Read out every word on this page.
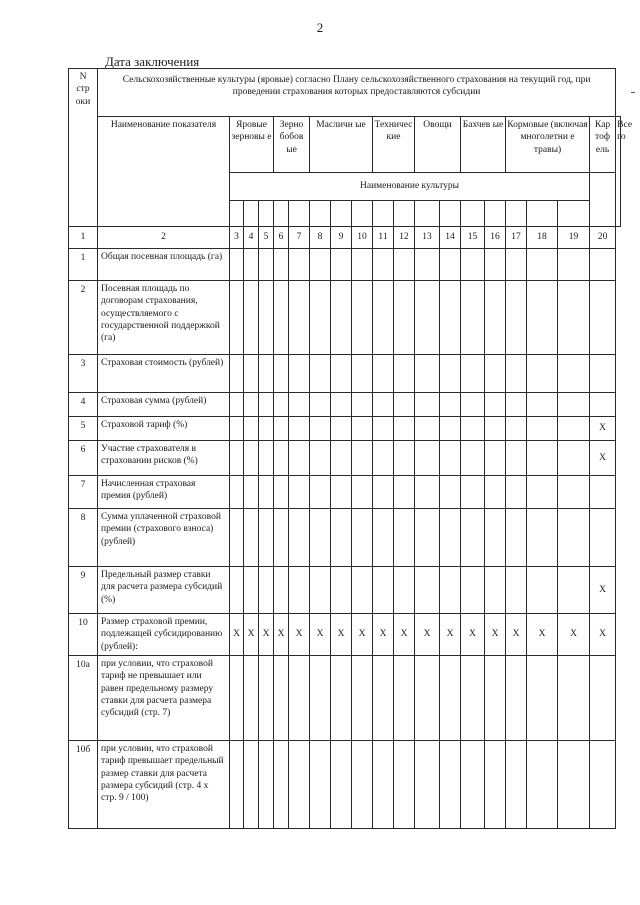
2
Дата заключения
N стр оки	Сельскохозяйственные культуры (яровые) согласно Плану сельскохозяйственного страхования на текущий год, при проведении страхования которых предоставляются субсидии																			
	Наименование показателя	Яровые зерновы е			Зерно бобов ые		Масличн ые			Техничес кие		Овощи		Бахчев ые		Кормовые (включая многолетни е травы)			Кар тоф ель	Все го
		Наименование культуры																		

1	2	3	4	5	6	7	8	9	10	11	12	13	14	15	16	17	18	19	20	
1	Общая посевная площадь (га)																			
2	Посевная площадь по договорам страхования, осуществляемого с государственной поддержкой (га)																			
3	Страховая стоимость (рублей)																			
4	Страховая сумма (рублей)																			
5	Страховой тариф (%)																		X	
6	Участие страхователя в страховании рисков (%)																		X	
7	Начисленная страховая премия (рублей)																			
8	Сумма уплаченной страховой премии (страхового взноса) (рублей)																			
9	Предельный размер ставки для расчета размера субсидий (%)																		X	
10	Размер страховой премии, подлежащей субсидированию (рублей):	X	X	X	X	X	X	X	X	X	X	X	X	X	X	X	X	X	X	
10а	при условии, что страховой тариф не превышает или равен предельному размеру ставки для расчета размера субсидий (стр. 7)																			
10б	при условии, что страховой тариф превышает предельный размер ставки для расчета размера субсидий (стр. 4 x стр. 9 / 100)																			
